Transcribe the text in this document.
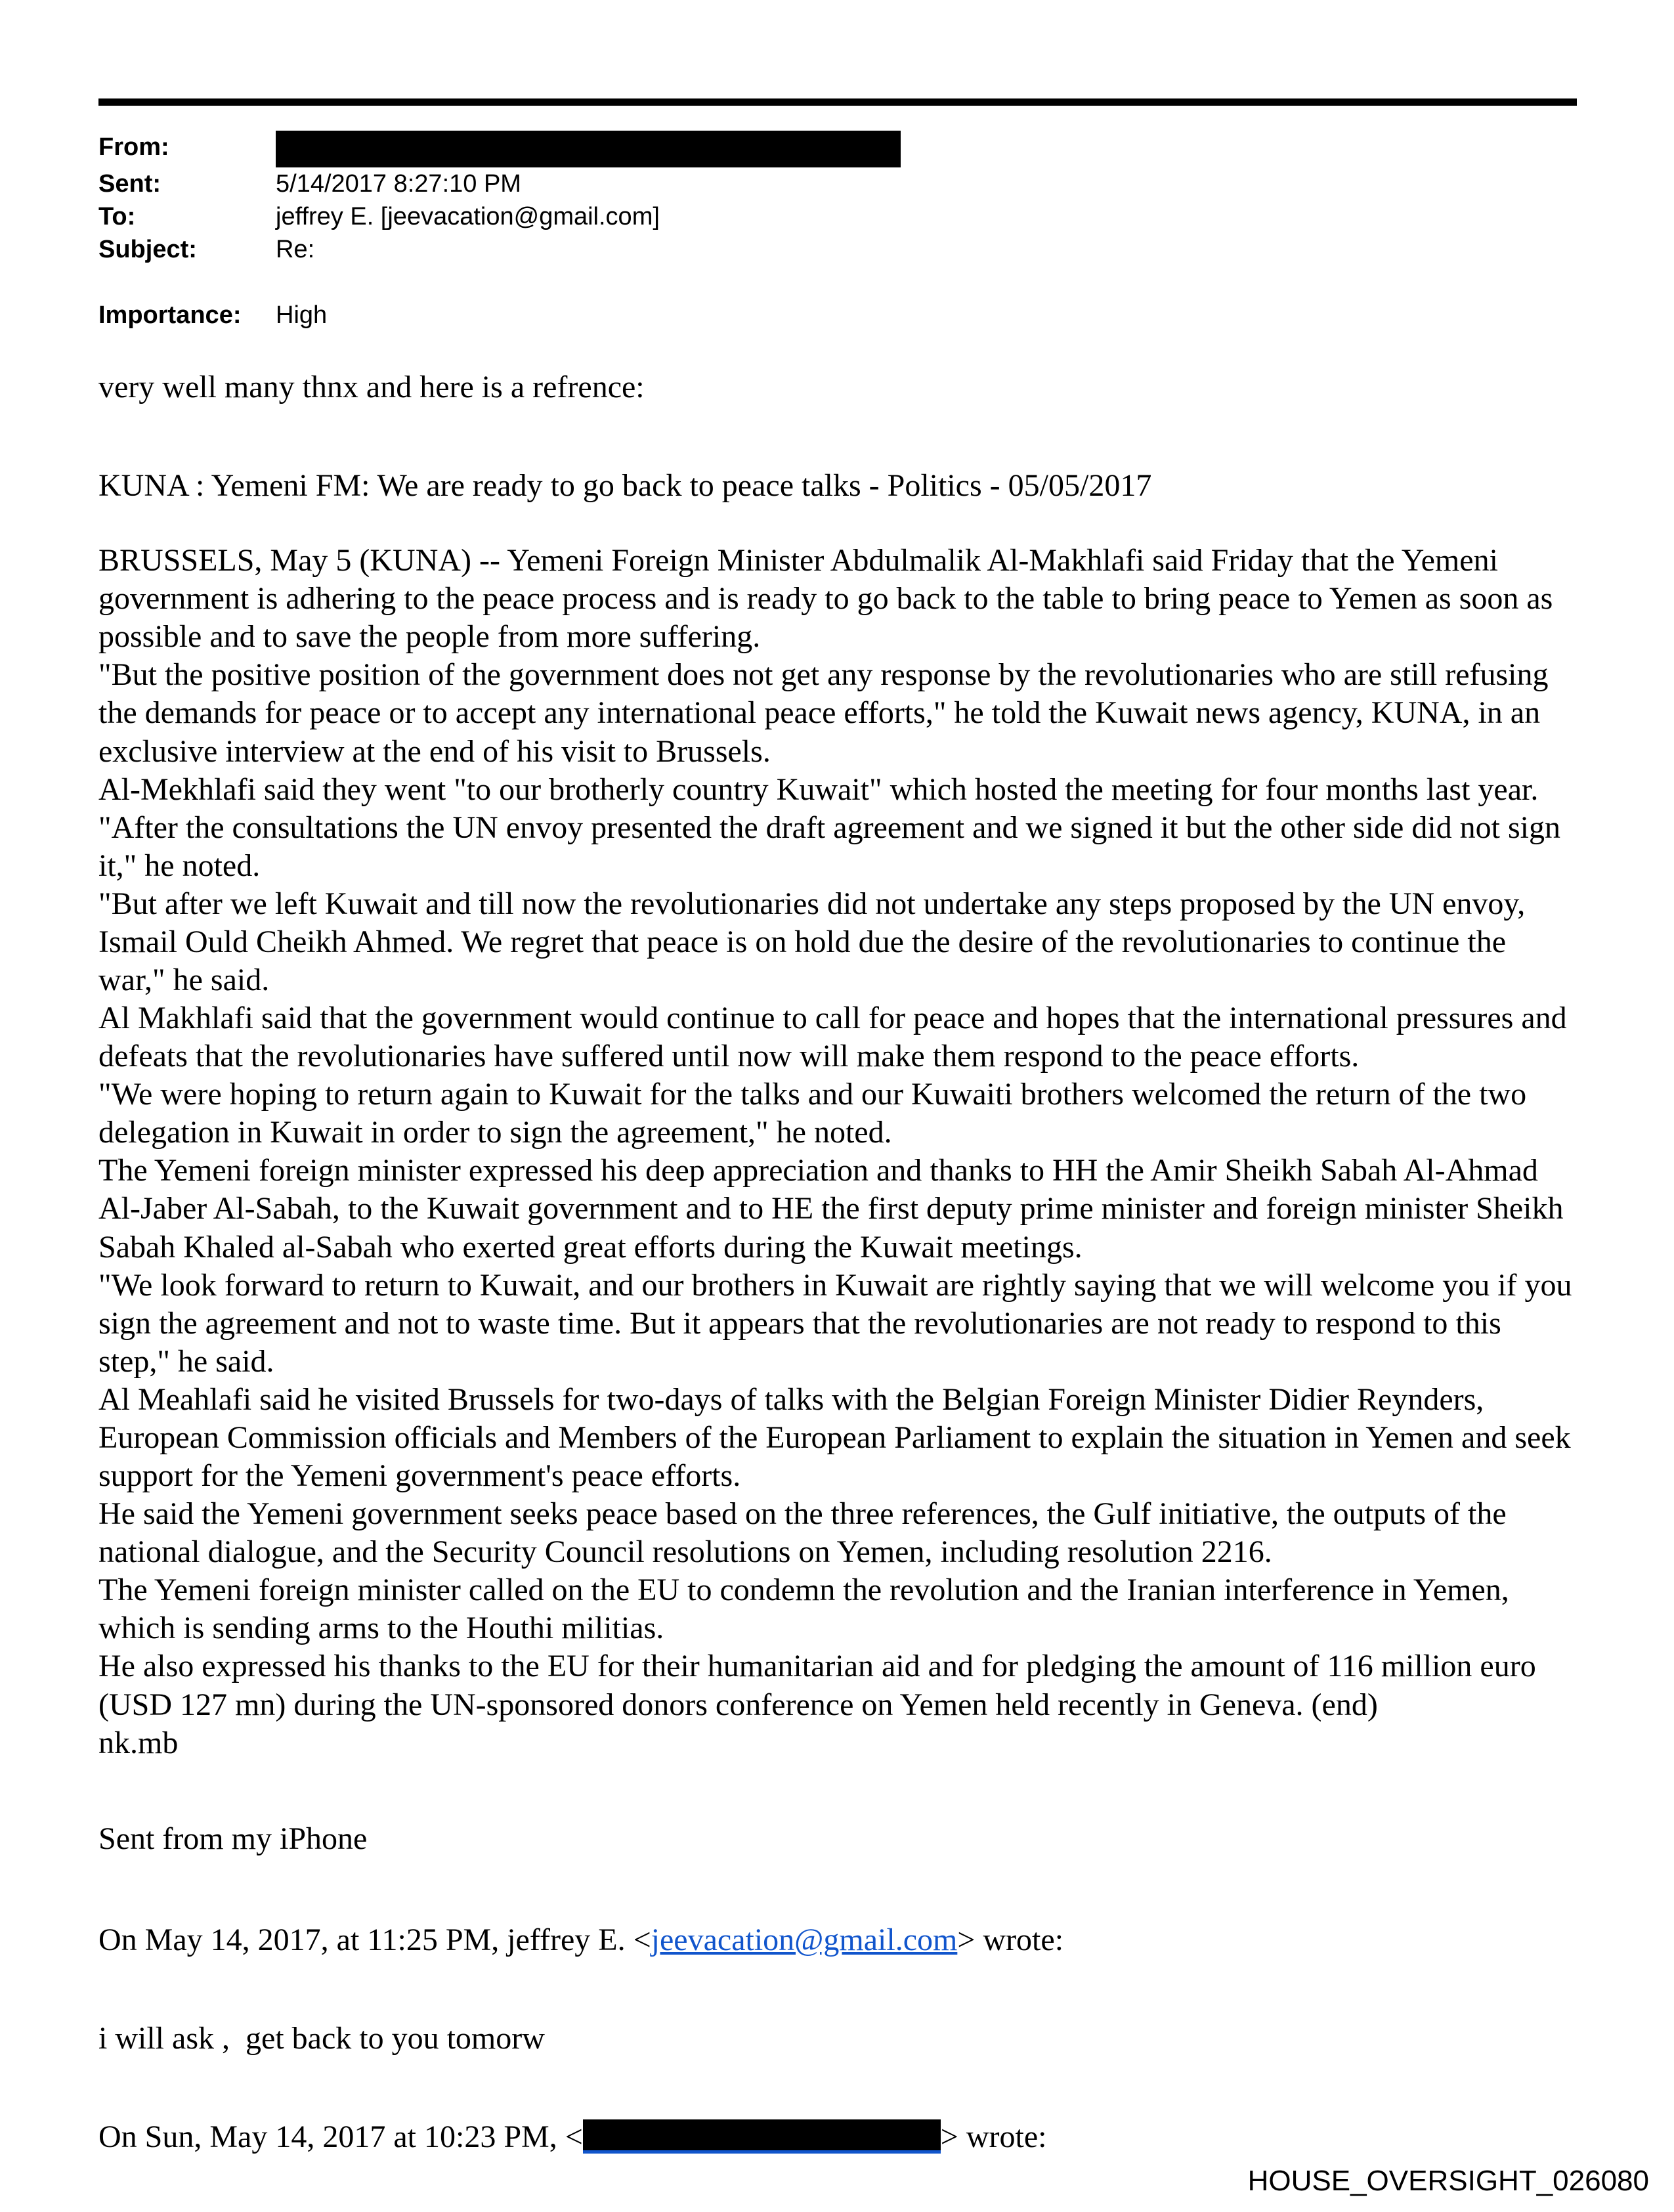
From:
Sent:	5/14/2017 8:27:10 PM
To:	jeffrey E. [jeevacation@gmail.com]
Subject:	Re:
Importance:	High
very well many thnx and here is a refrence:
KUNA : Yemeni FM: We are ready to go back to peace talks - Politics - 05/05/2017

BRUSSELS, May 5 (KUNA) -- Yemeni Foreign Minister Abdulmalik Al-Makhlafi said Friday that the Yemeni government is adhering to the peace process and is ready to go back to the table to bring peace to Yemen as soon as possible and to save the people from more suffering.

"But the positive position of the government does not get any response by the revolutionaries who are still refusing the demands for peace or to accept any international peace efforts," he told the Kuwait news agency, KUNA, in an exclusive interview at the end of his visit to Brussels.

Al-Mekhlafi said they went "to our brotherly country Kuwait" which hosted the meeting for four months last year. "After the consultations the UN envoy presented the draft agreement and we signed it but the other side did not sign it," he noted.

"But after we left Kuwait and till now the revolutionaries did not undertake any steps proposed by the UN envoy, Ismail Ould Cheikh Ahmed. We regret that peace is on hold due the desire of the revolutionaries to continue the war," he said.

Al Makhlafi said that the government would continue to call for peace and hopes that the international pressures and defeats that the revolutionaries have suffered until now will make them respond to the peace efforts.

"We were hoping to return again to Kuwait for the talks and our Kuwaiti brothers welcomed the return of the two delegation in Kuwait in order to sign the agreement," he noted.

The Yemeni foreign minister expressed his deep appreciation and thanks to HH the Amir Sheikh Sabah Al-Ahmad Al-Jaber Al-Sabah, to the Kuwait government and to HE the first deputy prime minister and foreign minister Sheikh Sabah Khaled al-Sabah who exerted great efforts during the Kuwait meetings.

"We look forward to return to Kuwait, and our brothers in Kuwait are rightly saying that we will welcome you if you sign the agreement and not to waste time. But it appears that the revolutionaries are not ready to respond to this step," he said.

Al Meahlafi said he visited Brussels for two-days of talks with the Belgian Foreign Minister Didier Reynders, European Commission officials and Members of the European Parliament to explain the situation in Yemen and seek support for the Yemeni government's peace efforts.

He said the Yemeni government seeks peace based on the three references, the Gulf initiative, the outputs of the national dialogue, and the Security Council resolutions on Yemen, including resolution 2216.

The Yemeni foreign minister called on the EU to condemn the revolution and the Iranian interference in Yemen, which is sending arms to the Houthi militias.

He also expressed his thanks to the EU for their humanitarian aid and for pledging the amount of 116 million euro (USD 127 mn) during the UN-sponsored donors conference on Yemen held recently in Geneva. (end)

nk.mb

Sent from my iPhone
On May 14, 2017, at 11:25 PM, jeffrey E. <jeevacation@gmail.com> wrote:
i will ask ,  get back to you tomorw
On Sun, May 14, 2017 at 10:23 PM, <	> wrote:
HOUSE_OVERSIGHT_026080
